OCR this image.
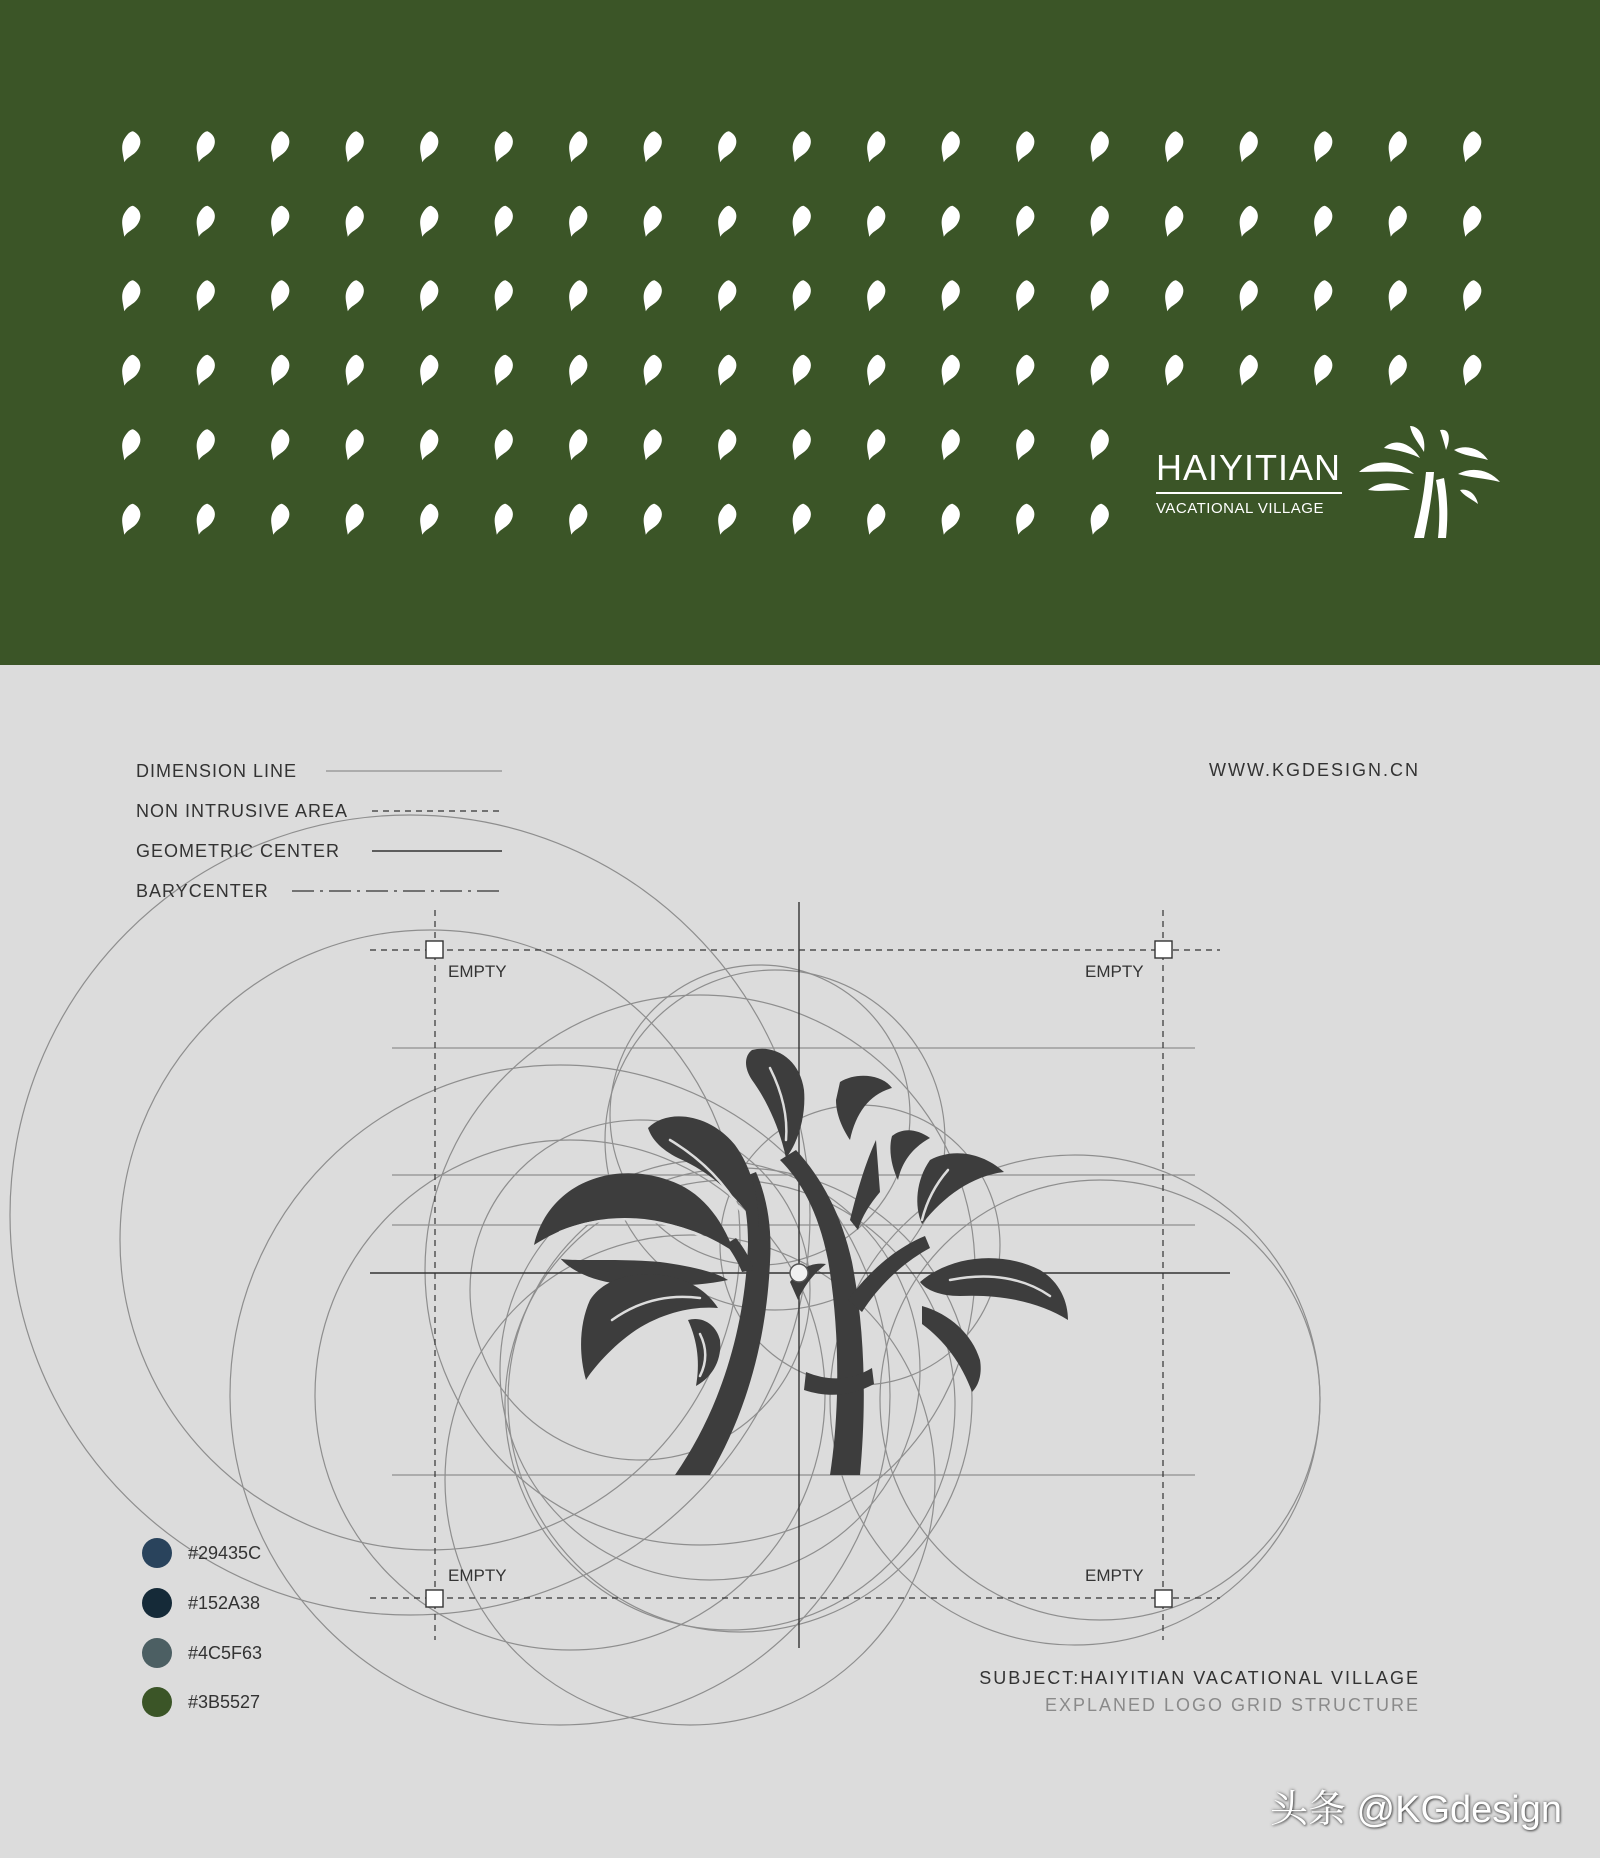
HAIYITIAN
VACATIONAL VILLAGE
DIMENSION LINE
NON INTRUSIVE AREA
GEOMETRIC CENTER
BARYCENTER
WWW.KGDESIGN.CN
EMPTY	EMPTY
EMPTY	EMPTY
#29435C
#152A38
#4C5F63
#3B5527
SUBJECT:HAIYITIAN VACATIONAL VILLAGE
EXPLANED LOGO GRID STRUCTURE
头条 @KGdesign
